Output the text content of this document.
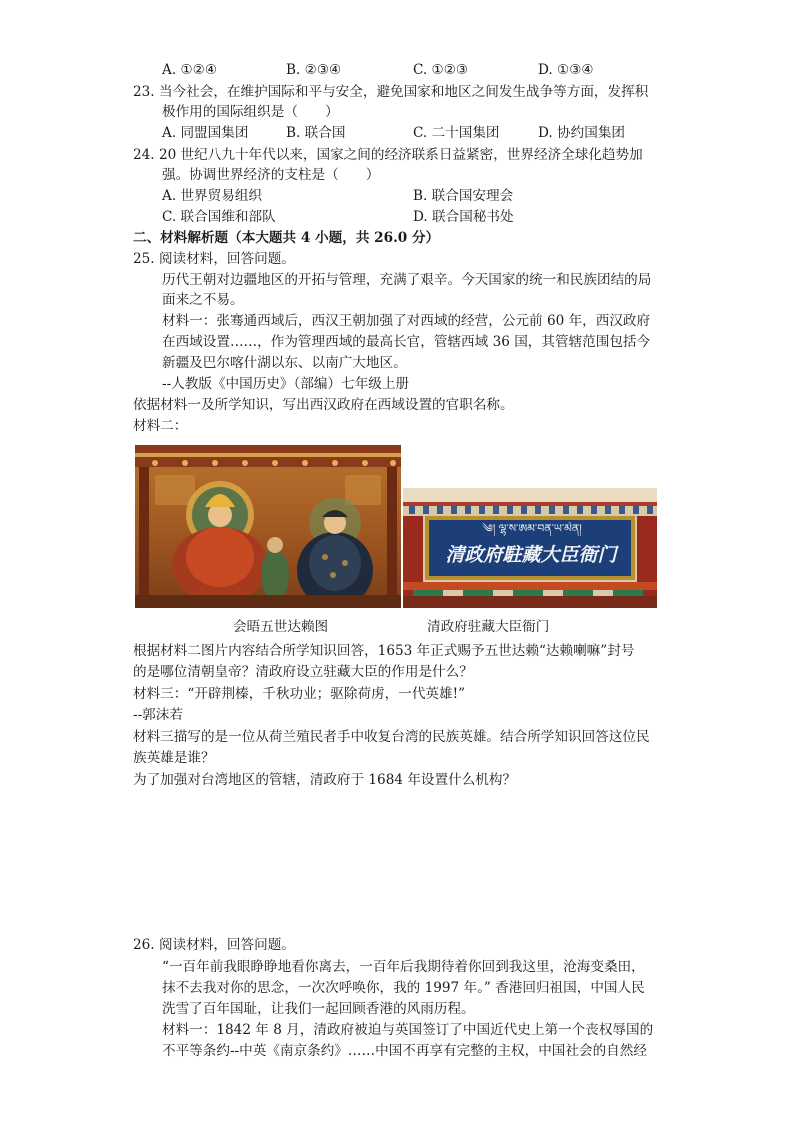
A. ①②④	B. ②③④	C. ①②③	D. ①③④
23. 当今社会，在维护国际和平与安全，避免国家和地区之间发生战争等方面，发挥积
极作用的国际组织是（　　）
A. 同盟国集团	B. 联合国	C. 二十国集团	D. 协约国集团
24. 20 世纪八九十年代以来，国家之间的经济联系日益紧密，世界经济全球化趋势加
强。协调世界经济的支柱是（　　）
A. 世界贸易组织	B. 联合国安理会
C. 联合国维和部队	D. 联合国秘书处
二、材料解析题（本大题共 4 小题，共 26.0 分）
25. 阅读材料，回答问题。
历代王朝对边疆地区的开拓与管理，充满了艰辛。今天国家的统一和民族团结的局
面来之不易。
材料一：张骞通西域后，西汉王朝加强了对西域的经营，公元前 60 年，西汉政府
在西域设置……，作为管理西域的最高长官，管辖西域 36 国，其管辖范围包括今
新疆及巴尔喀什湖以东、以南广大地区。
--人教版《中国历史》（部编）七年级上册
依据材料一及所学知识，写出西汉政府在西域设置的官职名称。
材料二：
༄། ལྷ་ས་ཨམ་བན་ཡ་མེན།
清政府駐藏大臣衙门
会晤五世达赖图	清政府驻藏大臣衙门
根据材料二图片内容结合所学知识回答，1653 年正式赐予五世达赖“达赖喇嘛”封号
的是哪位清朝皇帝？清政府设立驻藏大臣的作用是什么？
材料三：“开辟荆榛，千秋功业；驱除荷虏，一代英雄!”
--郭沫若
材料三描写的是一位从荷兰殖民者手中收复台湾的民族英雄。结合所学知识回答这位民
族英雄是谁？
为了加强对台湾地区的管辖，清政府于 1684 年设置什么机构？
26. 阅读材料，回答问题。
“一百年前我眼睁睁地看你离去，一百年后我期待着你回到我这里，沧海变桑田，
抹不去我对你的思念，一次次呼唤你，我的 1997 年。” 香港回归祖国，中国人民
洗雪了百年国耻，让我们一起回顾香港的风雨历程。
材料一：1842 年 8 月，清政府被迫与英国签订了中国近代史上第一个丧权辱国的
不平等条约--中英《南京条约》……中国不再享有完整的主权，中国社会的自然经
